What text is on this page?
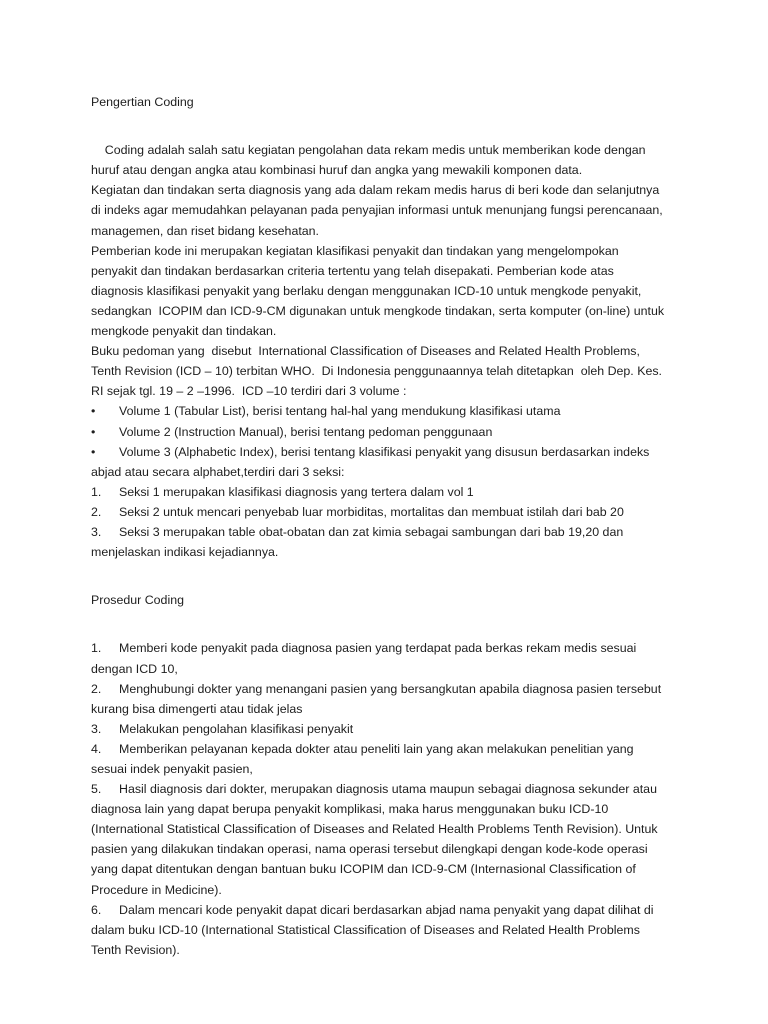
Pengertian Coding
Coding adalah salah satu kegiatan pengolahan data rekam medis untuk memberikan kode dengan
huruf atau dengan angka atau kombinasi huruf dan angka yang mewakili komponen data.
Kegiatan dan tindakan serta diagnosis yang ada dalam rekam medis harus di beri kode dan selanjutnya
di indeks agar memudahkan pelayanan pada penyajian informasi untuk menunjang fungsi perencanaan,
managemen, dan riset bidang kesehatan.
Pemberian kode ini merupakan kegiatan klasifikasi penyakit dan tindakan yang mengelompokan
penyakit dan tindakan berdasarkan criteria tertentu yang telah disepakati. Pemberian kode atas
diagnosis klasifikasi penyakit yang berlaku dengan menggunakan ICD-10 untuk mengkode penyakit,
sedangkan  ICOPIM dan ICD-9-CM digunakan untuk mengkode tindakan, serta komputer (on-line) untuk
mengkode penyakit dan tindakan.
Buku pedoman yang  disebut  International Classification of Diseases and Related Health Problems,
Tenth Revision (ICD – 10) terbitan WHO.  Di Indonesia penggunaannya telah ditetapkan  oleh Dep. Kes.
RI sejak tgl. 19 – 2 –1996.  ICD –10 terdiri dari 3 volume :

•

Volume 1 (Tabular List), berisi tentang hal-hal yang mendukung klasifikasi utama

•

Volume 2 (Instruction Manual), berisi tentang pedoman penggunaan

•

Volume 3 (Alphabetic Index), berisi tentang klasifikasi penyakit yang disusun berdasarkan indeks

abjad atau secara alphabet,terdiri dari 3 seksi:

1.

Seksi 1 merupakan klasifikasi diagnosis yang tertera dalam vol 1

2.

Seksi 2 untuk mencari penyebab luar morbiditas, mortalitas dan membuat istilah dari bab 20

3.

Seksi 3 merupakan table obat-obatan dan zat kimia sebagai sambungan dari bab 19,20 dan

menjelaskan indikasi kejadiannya.
Prosedur Coding

1.

Memberi kode penyakit pada diagnosa pasien yang terdapat pada berkas rekam medis sesuai

dengan ICD 10,

2.

Menghubungi dokter yang menangani pasien yang bersangkutan apabila diagnosa pasien tersebut

kurang bisa dimengerti atau tidak jelas

3.

Melakukan pengolahan klasifikasi penyakit

4.

Memberikan pelayanan kepada dokter atau peneliti lain yang akan melakukan penelitian yang

sesuai indek penyakit pasien,

5.

Hasil diagnosis dari dokter, merupakan diagnosis utama maupun sebagai diagnosa sekunder atau

diagnosa lain yang dapat berupa penyakit komplikasi, maka harus menggunakan buku ICD-10
(International Statistical Classification of Diseases and Related Health Problems Tenth Revision). Untuk
pasien yang dilakukan tindakan operasi, nama operasi tersebut dilengkapi dengan kode-kode operasi
yang dapat ditentukan dengan bantuan buku ICOPIM dan ICD-9-CM (Internasional Classification of
Procedure in Medicine).

6.

Dalam mencari kode penyakit dapat dicari berdasarkan abjad nama penyakit yang dapat dilihat di

dalam buku ICD-10 (International Statistical Classification of Diseases and Related Health Problems
Tenth Revision).
